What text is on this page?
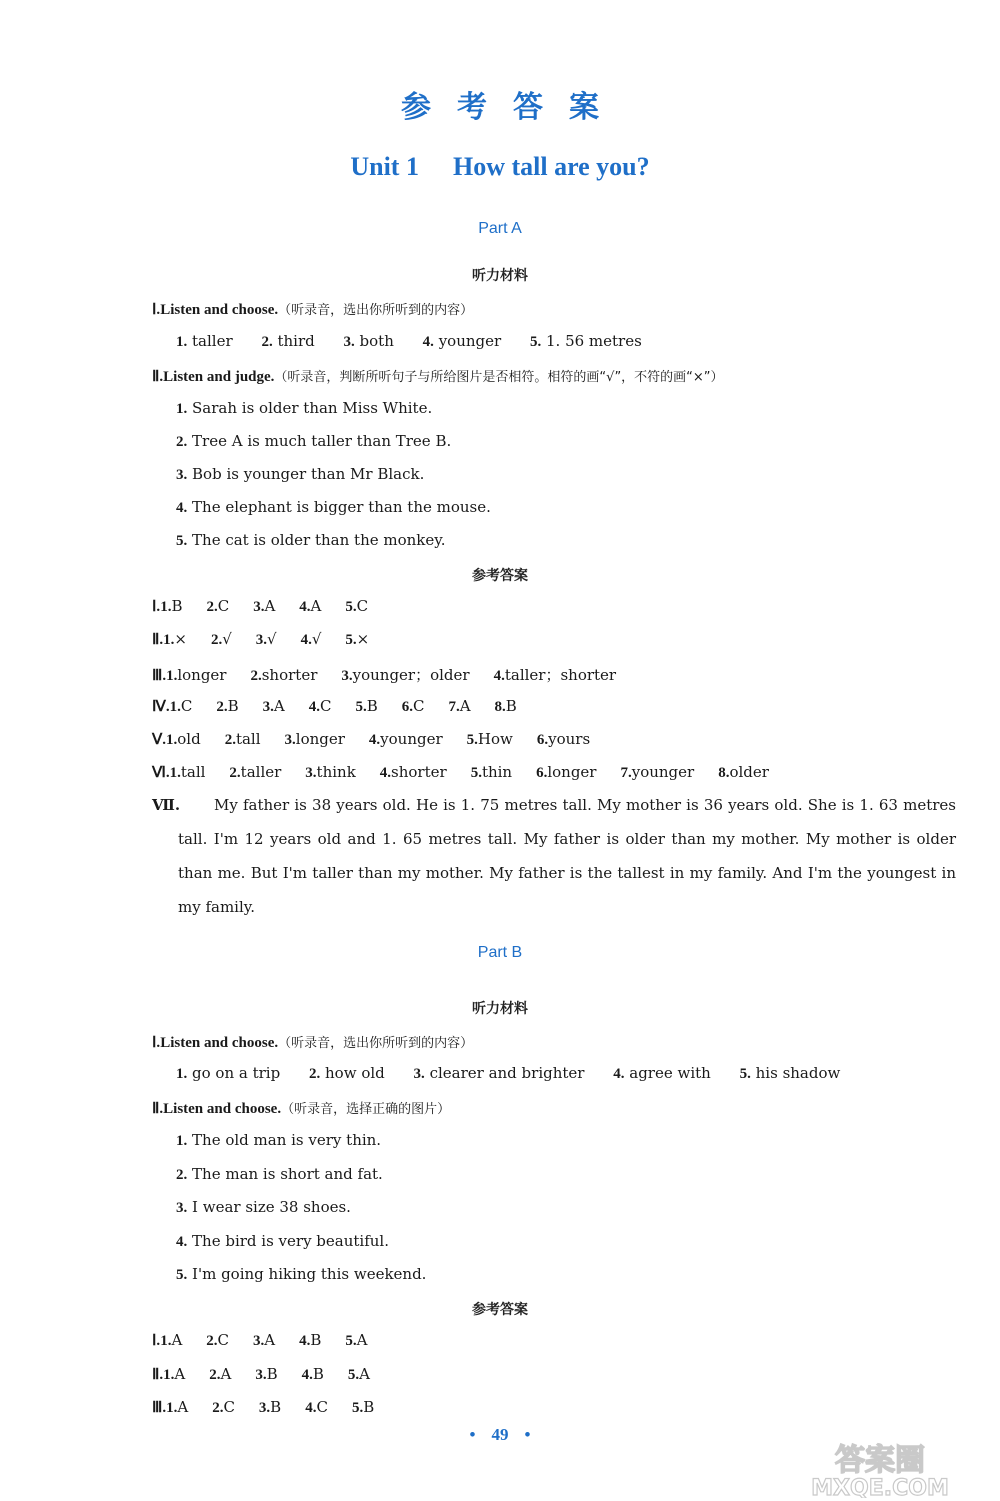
参考答案
Unit 1 How tall are you?
Part A
听力材料
Ⅰ.Listen and choose.（听录音，选出你所听到的内容）
1. taller 2. third 3. both 4. younger 5. 1. 56 metres
Ⅱ.Listen and judge.（听录音，判断所听句子与所给图片是否相符。相符的画“√”，不符的画“×”）
1. Sarah is older than Miss White.
2. Tree A is much taller than Tree B.
3. Bob is younger than Mr Black.
4. The elephant is bigger than the mouse.
5. The cat is older than the monkey.
参考答案
Ⅰ.1.B 2.C 3.A 4.A 5.C
Ⅱ.1.× 2.√ 3.√ 4.√ 5.×
Ⅲ.1.longer 2.shorter 3.younger；older 4.taller；shorter
Ⅳ.1.C 2.B 3.A 4.C 5.B 6.C 7.A 8.B
Ⅴ.1.old 2.tall 3.longer 4.younger 5.How 6.yours
Ⅵ.1.tall 2.taller 3.think 4.shorter 5.thin 6.longer 7.younger 8.older
Ⅶ.	My father is 38 years old. He is 1. 75 metres tall. My mother is 36 years old. She is 1. 63 metres tall. I'm 12 years old and 1. 65 metres tall. My father is older than my mother. My mother is older than me. But I'm taller than my mother. My father is the tallest in my family. And I'm the youngest in my family.
Part B
听力材料
Ⅰ.Listen and choose.（听录音，选出你所听到的内容）
1. go on a trip 2. how old 3. clearer and brighter 4. agree with 5. his shadow
Ⅱ.Listen and choose.（听录音，选择正确的图片）
1. The old man is very thin.
2. The man is short and fat.
3. I wear size 38 shoes.
4. The bird is very beautiful.
5. I'm going hiking this weekend.
参考答案
Ⅰ.1.A 2.C 3.A 4.B 5.A
Ⅱ.1.A 2.A 3.B 4.B 5.A
Ⅲ.1.A 2.C 3.B 4.C 5.B
• 49 •
答案圈
MXQE.COM
